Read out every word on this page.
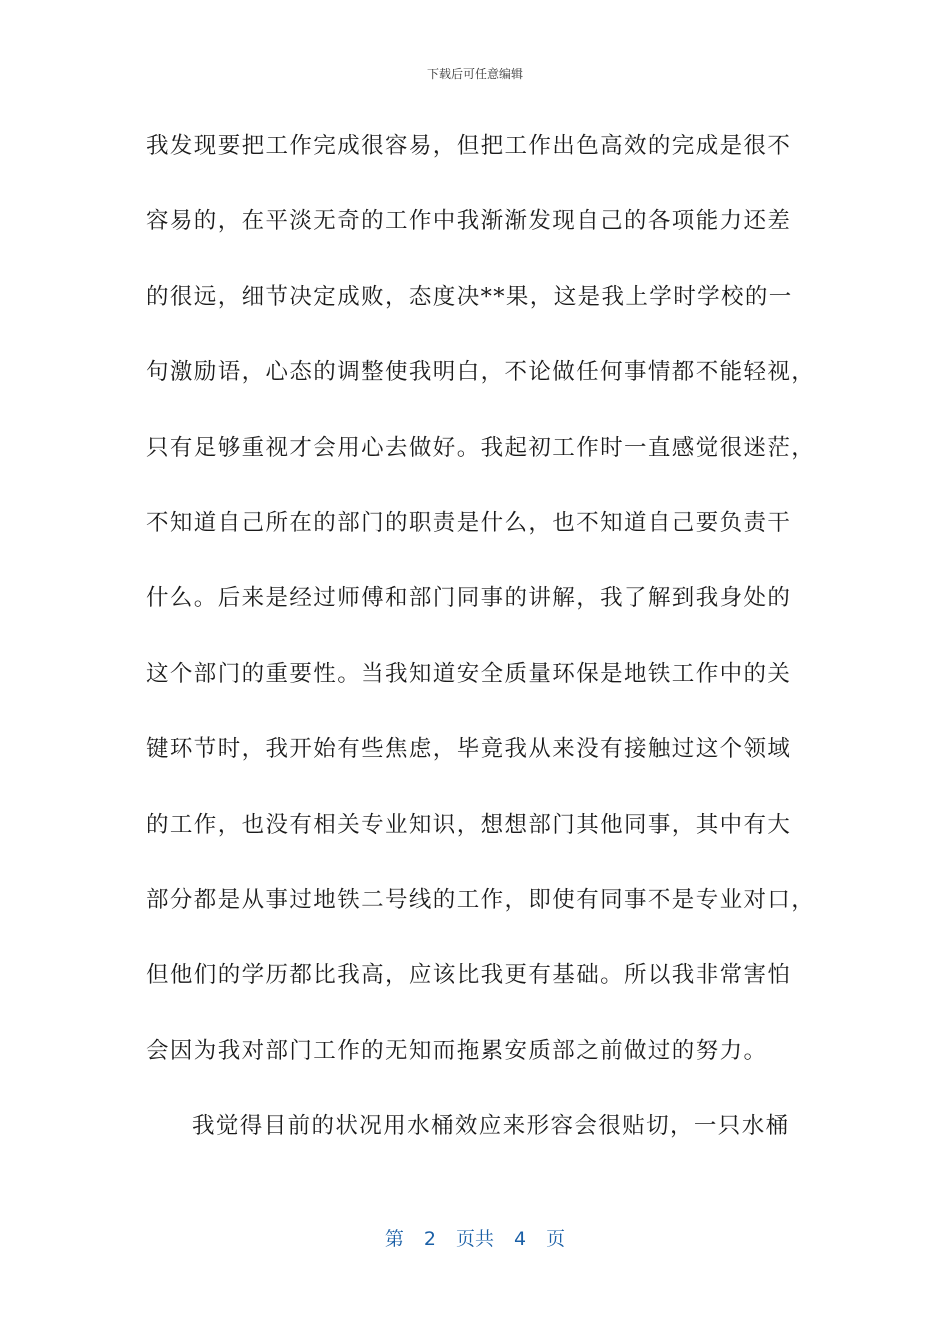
下载后可任意编辑
我发现要把工作完成很容易，但把工作出色高效的完成是很不
容易的，在平淡无奇的工作中我渐渐发现自己的各项能力还差
的很远，细节决定成败，态度决**果，这是我上学时学校的一
句激励语，心态的调整使我明白，不论做任何事情都不能轻视，
只有足够重视才会用心去做好。我起初工作时一直感觉很迷茫，
不知道自己所在的部门的职责是什么，也不知道自己要负责干
什么。后来是经过师傅和部门同事的讲解，我了解到我身处的
这个部门的重要性。当我知道安全质量环保是地铁工作中的关
键环节时，我开始有些焦虑，毕竟我从来没有接触过这个领域
的工作，也没有相关专业知识，想想部门其他同事，其中有大
部分都是从事过地铁二号线的工作，即使有同事不是专业对口，
但他们的学历都比我高，应该比我更有基础。所以我非常害怕
会因为我对部门工作的无知而拖累安质部之前做过的努力。
我觉得目前的状况用水桶效应来形容会很贴切，一只水桶
第 2 页共 4 页
